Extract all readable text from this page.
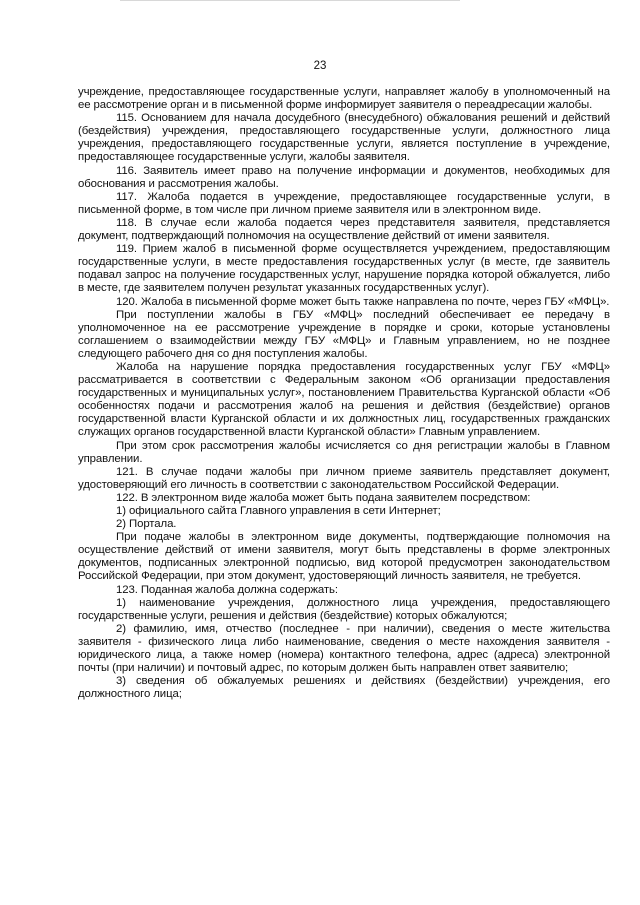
23

учреждение, предоставляющее государственные услуги, направляет жалобу в уполномоченный на ее рассмотрение орган и в письменной форме информирует заявителя о переадресации жалобы.

115. Основанием для начала досудебного (внесудебного) обжалования решений и действий (бездействия) учреждения, предоставляющего государственные услуги, должностного лица учреждения, предоставляющего государственные услуги, является поступление в учреждение, предоставляющее государственные услуги, жалобы заявителя.

116. Заявитель имеет право на получение информации и документов, необходимых для обоснования и рассмотрения жалобы.

117. Жалоба подается в учреждение, предоставляющее государственные услуги, в письменной форме, в том числе при личном приеме заявителя или в электронном виде.

118. В случае если жалоба подается через представителя заявителя, представляется документ, подтверждающий полномочия на осуществление действий от имени заявителя.

119. Прием жалоб в письменной форме осуществляется учреждением, предоставляющим государственные услуги, в месте предоставления государственных услуг (в месте, где заявитель подавал запрос на получение государственных услуг, нарушение порядка которой обжалуется, либо в месте, где заявителем получен результат указанных государственных услуг).

120. Жалоба в письменной форме может быть также направлена по почте, через ГБУ «МФЦ».

При поступлении жалобы в ГБУ «МФЦ» последний обеспечивает ее передачу в уполномоченное на ее рассмотрение учреждение в порядке и сроки, которые установлены соглашением о взаимодействии между ГБУ «МФЦ» и Главным управлением, но не позднее следующего рабочего дня со дня поступления жалобы.

Жалоба на нарушение порядка предоставления государственных услуг ГБУ «МФЦ» рассматривается в соответствии с Федеральным законом «Об организации предоставления государственных и муниципальных услуг», постановлением Правительства Курганской области «Об особенностях подачи и рассмотрения жалоб на решения и действия (бездействие) органов государственной власти Курганской области и их должностных лиц, государственных гражданских служащих органов государственной власти Курганской области» Главным управлением.

При этом срок рассмотрения жалобы исчисляется со дня регистрации жалобы в Главном управлении.

121. В случае подачи жалобы при личном приеме заявитель представляет документ, удостоверяющий его личность в соответствии с законодательством Российской Федерации.

122. В электронном виде жалоба может быть подана заявителем посредством:

1) официального сайта Главного управления в сети Интернет;

2) Портала.

При подаче жалобы в электронном виде документы, подтверждающие полномочия на осуществление действий от имени заявителя, могут быть представлены в форме электронных документов, подписанных электронной подписью, вид которой предусмотрен законодательством Российской Федерации, при этом документ, удостоверяющий личность заявителя, не требуется.

123. Поданная жалоба должна содержать:

1) наименование учреждения, должностного лица учреждения, предоставляющего государственные услуги, решения и действия (бездействие) которых обжалуются;

2) фамилию, имя, отчество (последнее - при наличии), сведения о месте жительства заявителя - физического лица либо наименование, сведения о месте нахождения заявителя - юридического лица, а также номер (номера) контактного телефона, адрес (адреса) электронной почты (при наличии) и почтовый адрес, по которым должен быть направлен ответ заявителю;

3) сведения об обжалуемых решениях и действиях (бездействии) учреждения, его должностного лица;
